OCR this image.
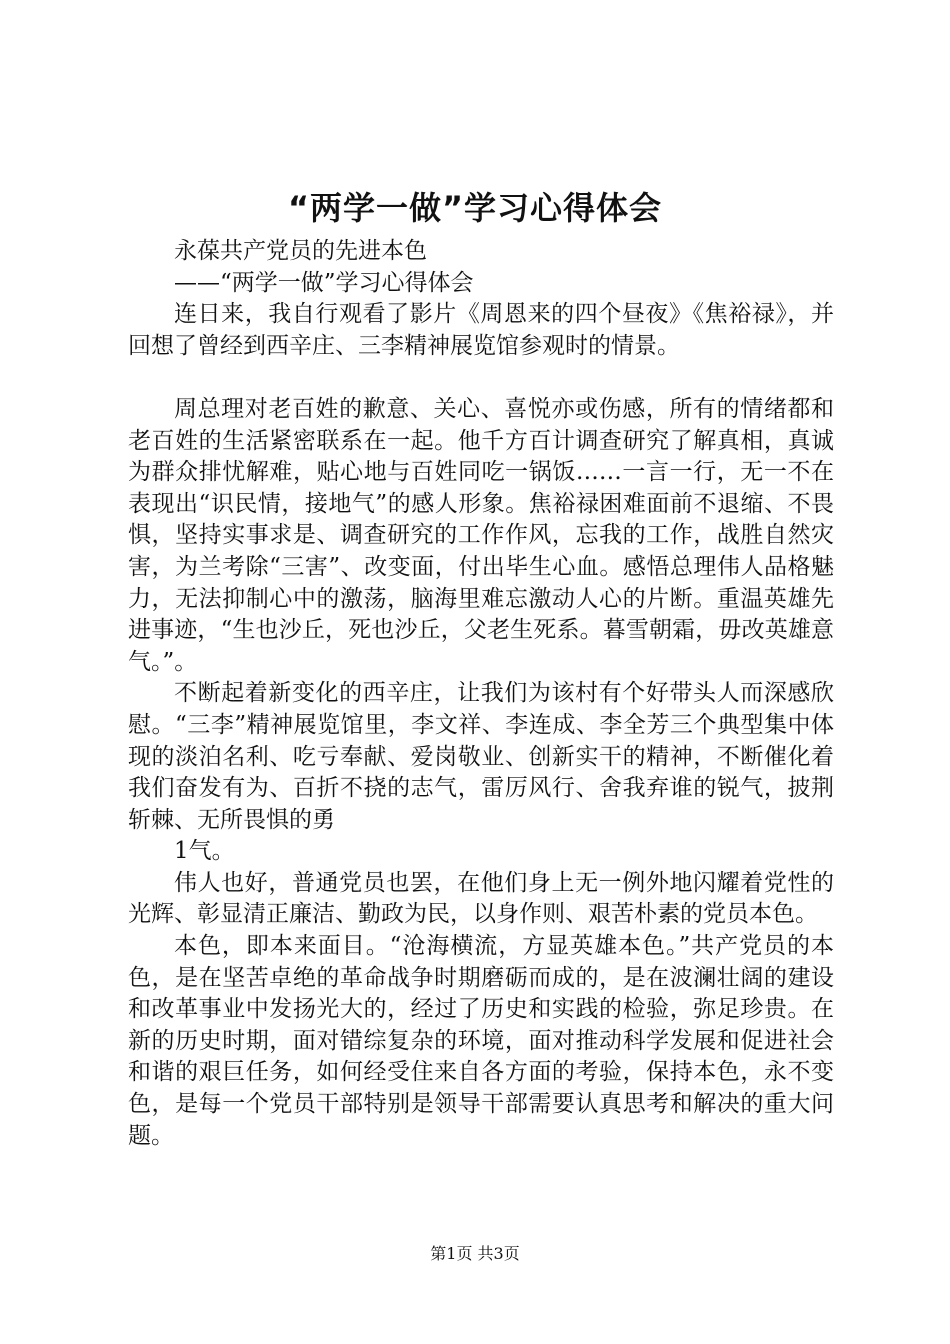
“两学一做”学习心得体会

永葆共产党员的先进本色

——“两学一做”学习心得体会

连日来，我自行观看了影片《周恩来的四个昼夜》《焦裕禄》，并回想了曾经到西辛庄、三李精神展览馆参观时的情景。

周总理对老百姓的歉意、关心、喜悦亦或伤感，所有的情绪都和老百姓的生活紧密联系在一起。他千方百计调查研究了解真相，真诚为群众排忧解难，贴心地与百姓同吃一锅饭……一言一行，无一不在表现出“识民情，接地气”的感人形象。焦裕禄困难面前不退缩、不畏惧，坚持实事求是、调查研究的工作作风，忘我的工作，战胜自然灾害，为兰考除“三害”、改变面，付出毕生心血。感悟总理伟人品格魅力，无法抑制心中的激荡，脑海里难忘激动人心的片断。重温英雄先进事迹，“生也沙丘，死也沙丘，父老生死系。暮雪朝霜，毋改英雄意气。”。

不断起着新变化的西辛庄，让我们为该村有个好带头人而深感欣慰。“三李”精神展览馆里，李文祥、李连成、李全芳三个典型集中体现的淡泊名利、吃亏奉献、爱岗敬业、创新实干的精神，不断催化着我们奋发有为、百折不挠的志气，雷厉风行、舍我弃谁的锐气，披荆斩棘、无所畏惧的勇

1气。

伟人也好，普通党员也罢，在他们身上无一例外地闪耀着党性的光辉、彰显清正廉洁、勤政为民，以身作则、艰苦朴素的党员本色。

本色，即本来面目。“沧海横流，方显英雄本色。”共产党员的本色，是在坚苦卓绝的革命战争时期磨砺而成的，是在波澜壮阔的建设和改革事业中发扬光大的，经过了历史和实践的检验，弥足珍贵。在新的历史时期，面对错综复杂的环境，面对推动科学发展和促进社会和谐的艰巨任务，如何经受住来自各方面的考验，保持本色，永不变色，是每一个党员干部特别是领导干部需要认真思考和解决的重大问题。

第1页 共3页
